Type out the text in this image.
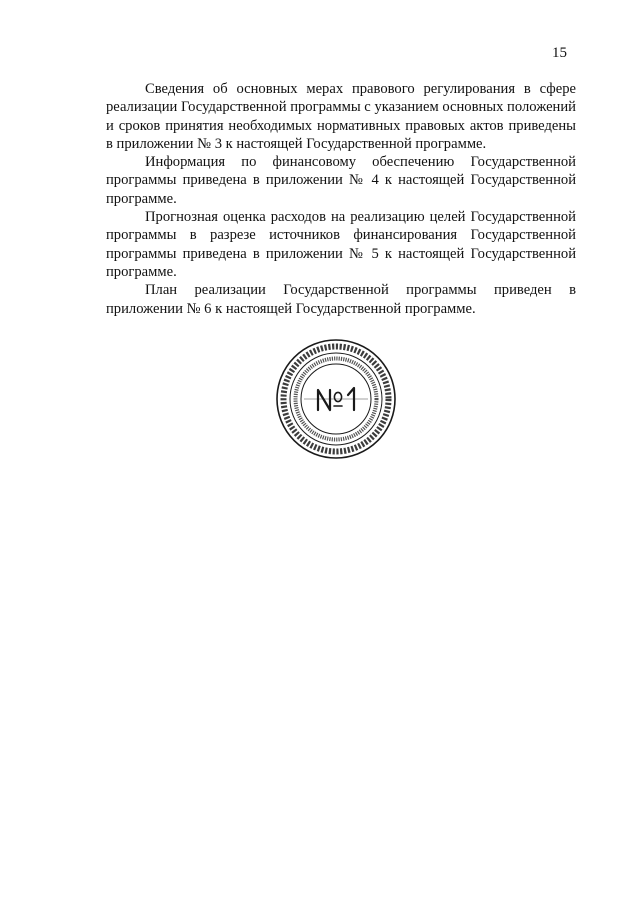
15

Сведения об основных мерах правового регулирования в сфере реализации Государственной программы с указанием основных положений и сроков принятия необходимых нормативных правовых актов приведены в приложении № 3 к настоящей Государственной программе.

Информация по финансовому обеспечению Государственной программы приведена в приложении № 4 к настоящей Государственной программе.

Прогнозная оценка расходов на реализацию целей Государственной программы в разрезе источников финансирования Государственной программы приведена в приложении № 5 к настоящей Государственной программе.

План реализации Государственной программы приведен в приложении № 6 к настоящей Государственной программе.
